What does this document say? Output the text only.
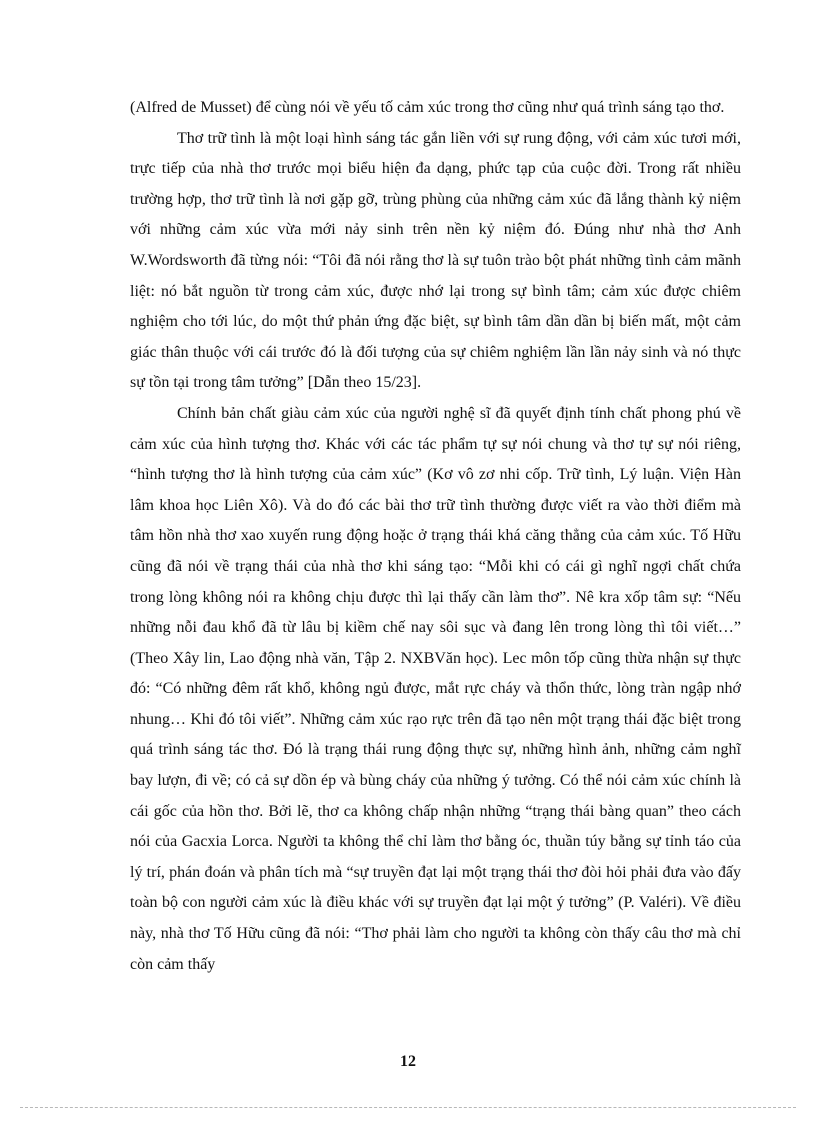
(Alfred de Musset) để cùng nói về yếu tố cảm xúc trong thơ cũng như quá trình sáng tạo thơ.

Thơ trữ tình là một loại hình sáng tác gắn liền với sự rung động, với cảm xúc tươi mới, trực tiếp của nhà thơ trước mọi biểu hiện đa dạng, phức tạp của cuộc đời. Trong rất nhiều trường hợp, thơ trữ tình là nơi gặp gỡ, trùng phùng của những cảm xúc đã lắng thành kỷ niệm với những cảm xúc vừa mới nảy sinh trên nền kỷ niệm đó. Đúng như nhà thơ Anh W.Wordsworth đã từng nói: “Tôi đã nói rằng thơ là sự tuôn trào bột phát những tình cảm mãnh liệt: nó bắt nguồn từ trong cảm xúc, được nhớ lại trong sự bình tâm; cảm xúc được chiêm nghiệm cho tới lúc, do một thứ phản ứng đặc biệt, sự bình tâm dần dần bị biến mất, một cảm giác thân thuộc với cái trước đó là đối tượng của sự chiêm nghiệm lần lần nảy sinh và nó thực sự tồn tại trong tâm tưởng” [Dẫn theo 15/23].

Chính bản chất giàu cảm xúc của người nghệ sĩ đã quyết định tính chất phong phú về cảm xúc của hình tượng thơ. Khác với các tác phẩm tự sự nói chung và thơ tự sự nói riêng, “hình tượng thơ là hình tượng của cảm xúc” (Kơ vô zơ nhi cốp. Trữ tình, Lý luận. Viện Hàn lâm khoa học Liên Xô). Và do đó các bài thơ trữ tình thường được viết ra vào thời điểm mà tâm hồn nhà thơ xao xuyến rung động hoặc ở trạng thái khá căng thẳng của cảm xúc. Tố Hữu cũng đã nói về trạng thái của nhà thơ khi sáng tạo: “Mỗi khi có cái gì nghĩ ngợi chất chứa trong lòng không nói ra không chịu được thì lại thấy cần làm thơ”. Nê kra xốp tâm sự: “Nếu những nỗi đau khổ đã từ lâu bị kiềm chế nay sôi sục và đang lên trong lòng thì tôi viết…” (Theo Xây lin, Lao động nhà văn, Tập 2. NXBVăn học). Lec môn tốp cũng thừa nhận sự thực đó: “Có những đêm rất khổ, không ngủ được, mắt rực cháy và thổn thức, lòng tràn ngập nhớ nhung… Khi đó tôi viết”. Những cảm xúc rạo rực trên đã tạo nên một trạng thái đặc biệt trong quá trình sáng tác thơ. Đó là trạng thái rung động thực sự, những hình ảnh, những cảm nghĩ bay lượn, đi về; có cả sự dồn ép và bùng cháy của những ý tưởng. Có thể nói cảm xúc chính là cái gốc của hồn thơ. Bởi lẽ, thơ ca không chấp nhận những “trạng thái bàng quan” theo cách nói của Gacxia Lorca. Người ta không thể chỉ làm thơ bằng óc, thuần túy bằng sự tỉnh táo của lý trí, phán đoán và phân tích mà “sự truyền đạt lại một trạng thái thơ đòi hỏi phải đưa vào đấy toàn bộ con người cảm xúc là điều khác với sự truyền đạt lại một ý tưởng” (P. Valéri). Về điều này, nhà thơ Tố Hữu cũng đã nói: “Thơ phải làm cho người ta không còn thấy câu thơ mà chỉ còn cảm thấy

12
